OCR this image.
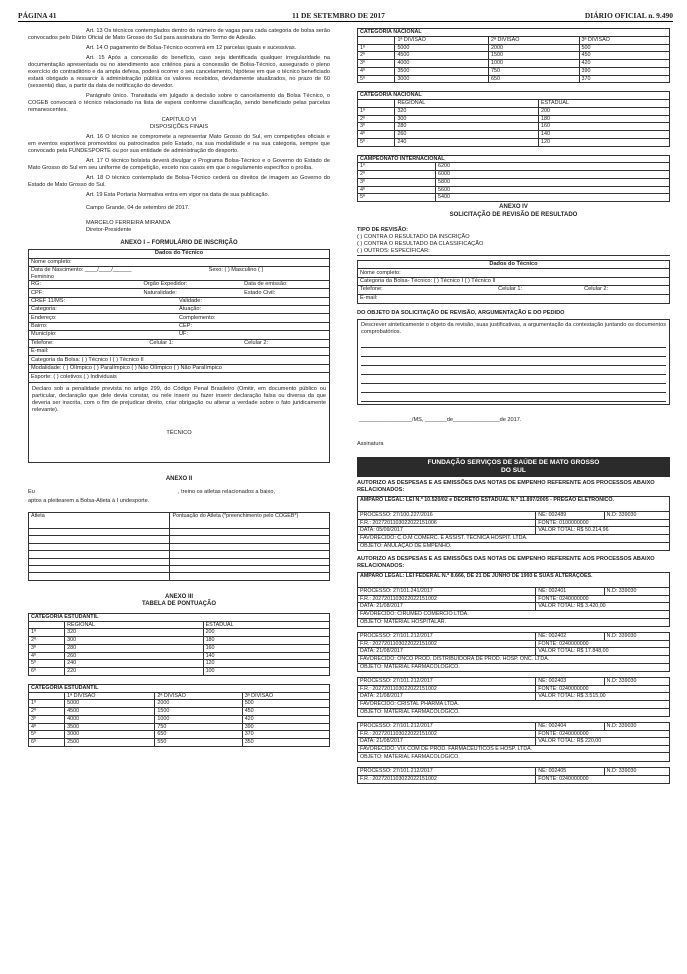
PÁGINA 41	11 DE SETEMBRO DE 2017	DIÁRIO OFICIAL n. 9.490

Art. 13 Os técnicos contemplados dentro do número de vagas para cada categoria de bolsa serão convocados pelo Diário Oficial de Mato Grosso do Sul para assinatura do Termo de Adesão.

Art. 14 O pagamento de Bolsa-Técnico ocorrerá em 12 parcelas iguais e sucessivas.

Art. 15 Após a concessão do benefício, caso seja identificada qualquer irregularidade na documentação apresentada ou no atendimento aos critérios para a concessão de Bolsa-Técnico, assegurado o pleno exercício do contraditório e da ampla defesa, poderá ocorrer o seu cancelamento, hipótese em que o técnico beneficiado estará obrigado a ressarcir à administração pública os valores recebidos, devidamente atualizados, no prazo de 60 (sessenta) dias, a partir da data de notificação do devedor.

Parágrafo único. Transitada em julgado a decisão sobre o cancelamento da Bolsa Técnico, o COGEB convocará o técnico relacionado na lista de espera conforme classificação, sendo beneficiado pelas parcelas remanescentes.

CAPÍTULO VI
DISPOSIÇÕES FINAIS

Art. 16 O técnico se compromete a representar Mato Grosso do Sul, em competições oficiais e em eventos esportivos promovidos ou patrocinados pelo Estado, na sua modalidade e na sua categoria, sempre que convocado pela FUNDESPORTE ou por sua entidade de administração do desporto.

Art. 17 O técnico bolsista deverá divulgar o Programa Bolsa-Técnico e o Governo do Estado de Mato Grosso do Sul em seu uniforme de competição, exceto nos casos em que o regulamento específico o proíba.

Art. 18 O técnico contemplado de Bolsa-Técnico cederá os direitos de imagem ao Governo do Estado de Mato Grosso do Sul.

Art. 19 Esta Portaria Normativa entra em vigor na data de sua publicação.

Campo Grande, 04 de setembro de 2017.

MARCELO FERREIRA MIRANDA
Diretor-Presidente
ANEXO I – FORMULÁRIO DE INSCRIÇÃO
Dados do Técnico
Nome completo:
Data de Nascimento: ____/____/______	Sexo: ( ) Masculino ( )
Feminino
RG:	Órgão Expedidor:	Data de emissão:
CPF:	Naturalidade:	Estado Civil:
CREF 11/MS:	Validade:
Categoria:	Atuação:
Endereço:	Complemento:
Bairro:	CEP:
Município:	UF:
Telefone:	Celular 1:	Celular 2:
E-mail:
Categoria da Bolsa: ( ) Técnico I ( ) Técnico II
Modalidade: ( ) Olímpico ( ) Paralímpico ( ) Não Olímpico ( ) Não Paralímpico
Esporte: ( ) coletivos ( ) Individuais

Declaro sob a penalidade prevista no artigo 299, do Código Penal Brasileiro (Omitir, em documento público ou particular, declaração que dele devia constar, ou nele inserir ou fazer inserir declaração falsa ou diversa da que deveria ser inscrita, com o fim de prejudicar direito, criar obrigação ou alterar a verdade sobre o fato juridicamente relevante).

TÉCNICO
ANEXO II
Eu	, treino os atletas relacionados a baixo,
aptos a pleitearem a Bolsa-Atleta à I undesporte.
Atleta	Pontuação do Atleta (*preenchimento pelo COGEB*)

ANEXO III
TABELA DE PONTUAÇÃO
CATEGORIA ESTUDANTIL		
	REGIONAL	ESTADUAL
1º	320	200
2º	300	180
3º	280	160
4º	260	140
5º	240	120
6º	220	100
CATEGORIA ESTUDANTIL			
	1ª DIVISÃO	2ª DIVISÃO	3ª DIVISÃO
1º	5000	2000	500
2º	4500	1500	450
3º	4000	1000	420
4º	3500	750	390
5º	3000	650	370
6º	2500	550	350
CATEGORIA NACIONAL			
	1ª DIVISÃO	2ª DIVISÃO	3ª DIVISÃO
1º	5000	2000	500
2º	4500	1500	450
3º	4000	1000	420
4º	3500	750	390
5º	3000	650	370
CATEGORIA NACIONAL		
	REGIONAL	ESTADUAL
1º	320	200
2º	300	180
3º	280	160
4º	260	140
5º	240	120
CAMPEONATO INTERNACIONAL	
1º	6200
2º	6000
3º	5800
4º	5600
5º	5400
ANEXO IV
SOLICITAÇÃO DE REVISÃO DE RESULTADO
TIPO DE REVISÃO:
( ) CONTRA O RESULTADO DA INSCRIÇÃO
( ) CONTRA O RESULTADO DA CLASSIFICAÇÃO
( ) OUTROS: ESPECIFICAR:
Dados do Técnico
Nome completo:
Categoria da Bolsa- Técnico: ( ) Técnico I ( ) Técnico II
Telefone:	Celular 1:	Celular 2:
E-mail:
DO OBJETO DA SOLICITAÇÃO DE REVISÃO, ARGUMENTAÇÃO E DO PEDIDO

Descrever sinteticamente o objeto da revisão, suas justificativas, a argumentação da contestação juntando os documentos comprobatórios.

_________________/MS, _______de_______________de 2017.
Assinatura
FUNDAÇÃO SERVIÇOS DE SAÚDE DE MATO GROSSO
DO SUL
AUTORIZO AS DESPESAS E AS EMISSÕES DAS NOTAS DE EMPENHO REFERENTE AOS PROCESSOS ABAIXO RELACIONADOS:
AMPARO LEGAL: LEI N.º 10.520/02 e DECRETO ESTADUAL N.º 11.897/2005 - PREGÃO ELETRÔNICO.
PROCESSO: 27/100.227/2016	NE: 002489	N.D: 339030
F.R.: 2027201103022022151006	FONTE: 0100000000
DATA: 05/09/2017	VALOR TOTAL: R$ 50.214,96
FAVORECIDO: C.O.M COMERC. E ASSIST. TECNICA HOSPIT. LTDA.
OBJETO: ANULAÇÃO DE EMPENHO.
AUTORIZO AS DESPESAS E AS EMISSÕES DAS NOTAS DE EMPENHO REFERENTE AOS PROCESSOS ABAIXO RELACIONADOS:
AMPARO LEGAL: LEI FEDERAL N.º 8.666, DE 21 DE JUNHO DE 1993 E SUAS ALTERAÇÕES.
PROCESSO: 27/101.241/2017	NE: 002401	N.D: 339030
F.R.: 2027201103022022151002	FONTE: 0240000000
DATA: 21/08/2017	VALOR TOTAL: R$ 3.420,00
FAVORECIDO: CIRUMED COMERCIO LTDA.
OBJETO: MATERIAL HOSPITALAR.
PROCESSO: 27/101.212/2017	NE: 002402	N.D: 339030
F.R.: 2027201103022022151002	FONTE: 0240000000
DATA: 21/08/2017	VALOR TOTAL: R$ 17.848,00
FAVORECIDO: ONCO PROD. DISTRIBUIDORA DE PROD. HOSP. ONC. LTDA.
OBJETO: MATERIAL FARMACOLÓGICO.
PROCESSO: 27/101.212/2017	NE: 002403	N.D: 339030
F.R.: 2027201103022022151002	FONTE: 0240000000
DATA: 21/08/2017	VALOR TOTAL: R$ 3.515,00
FAVORECIDO: CRISTAL PHARMA LTDA.
OBJETO: MATERIAL FARMACOLÓGICO.
PROCESSO: 27/101.212/2017	NE: 002404	N.D: 339030
F.R.: 2027201103022022151002	FONTE: 0240000000
DATA: 21/08/2017	VALOR TOTAL: R$ 220,00
FAVORECIDO: VIX COM DE PROD. FARMACEUTICOS E HOSP. LTDA.
OBJETO: MATERIAL FARMACOLÓGICO.
PROCESSO: 27/101.212/2017	NE: 002405	N.D: 339030
F.R.: 2027201103022022151002	FONTE: 0240000000
